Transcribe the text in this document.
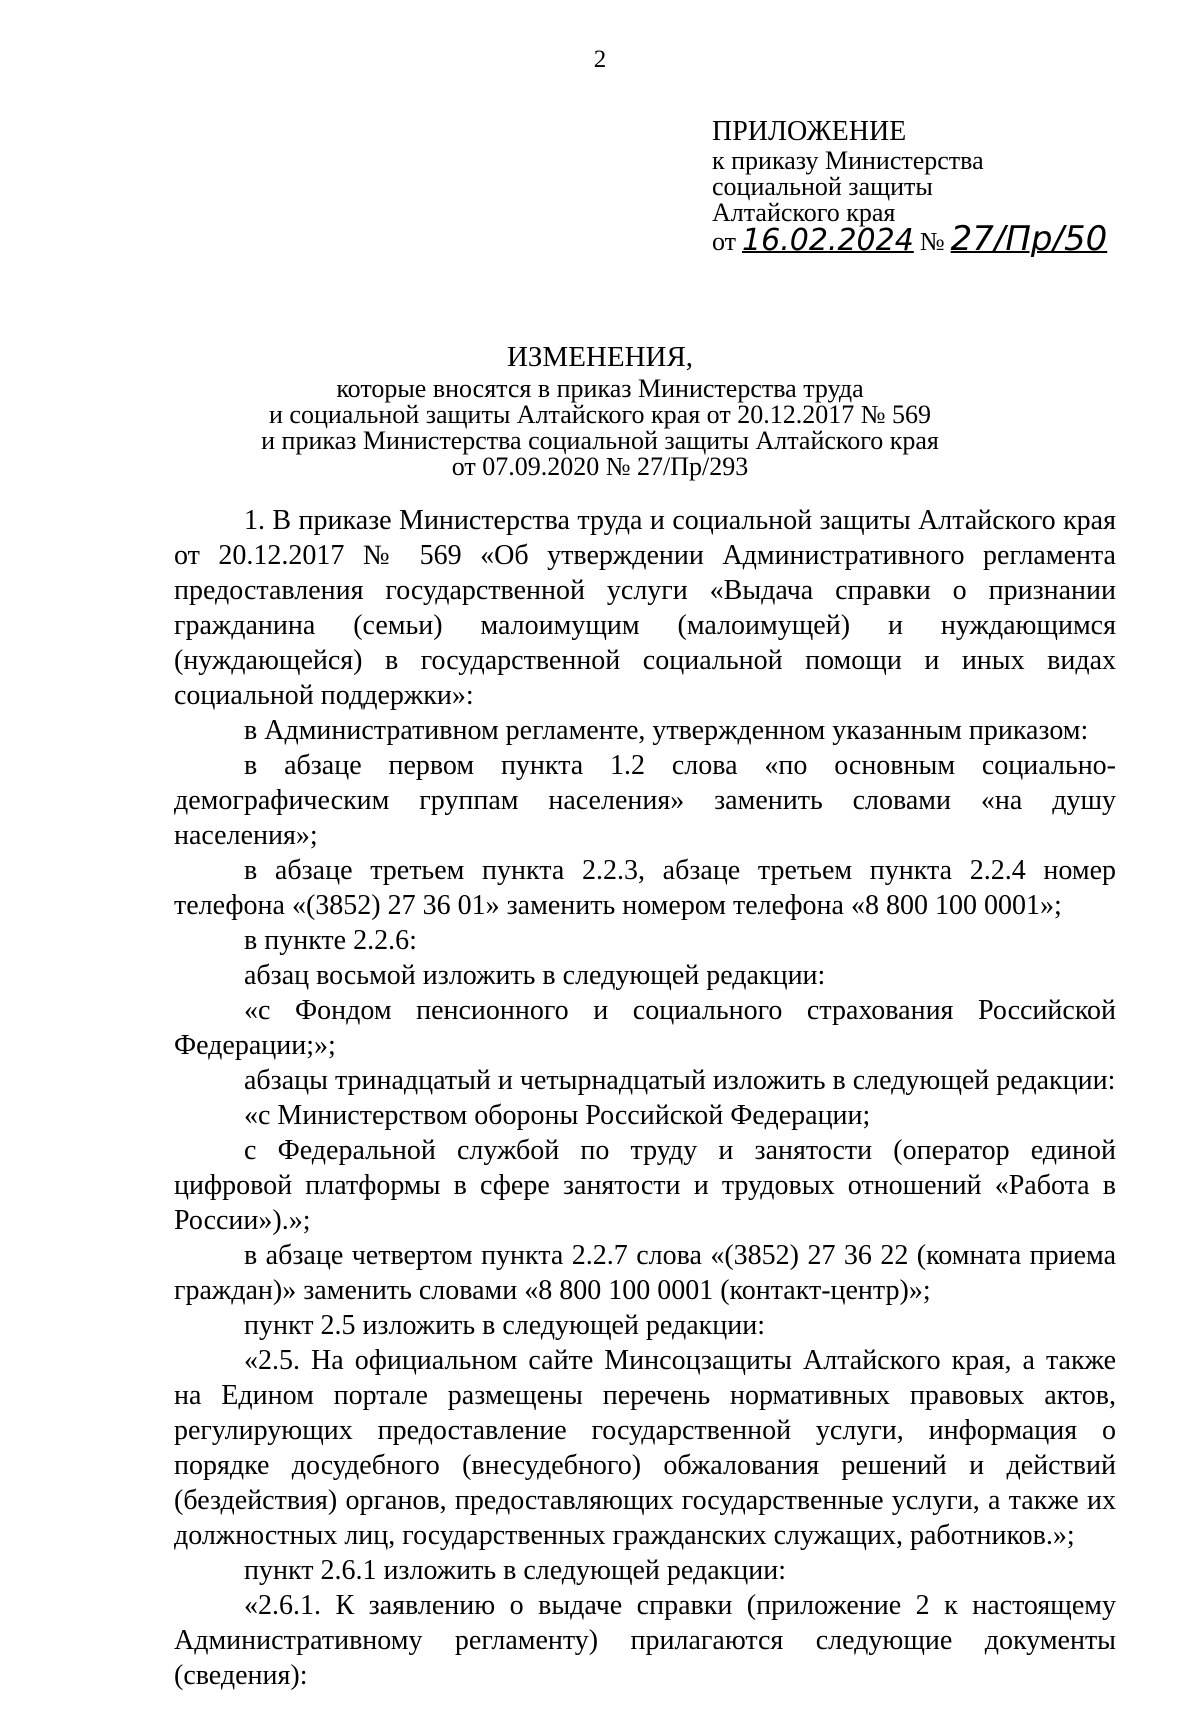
2
ПРИЛОЖЕНИЕ
к приказу Министерства
социальной защиты
Алтайского края
от 16.02.2024 № 27/Пр/50
ИЗМЕНЕНИЯ,
которые вносятся в приказ Министерства труда
и социальной защиты Алтайского края от 20.12.2017 № 569
и приказ Министерства социальной защиты Алтайского края
от 07.09.2020 № 27/Пр/293

1. В приказе Министерства труда и социальной защиты Алтайского края от 20.12.2017 № 569 «Об утверждении Административного регламента предоставления государственной услуги «Выдача справки о признании гражданина (семьи) малоимущим (малоимущей) и нуждающимся (нуждающейся) в государственной социальной помощи и иных видах социальной поддержки»:

в Административном регламенте, утвержденном указанным приказом:

в абзаце первом пункта 1.2 слова «по основным социально-демографическим группам населения» заменить словами «на душу населения»;

в абзаце третьем пункта 2.2.3, абзаце третьем пункта 2.2.4 номер телефона «(3852) 27 36 01» заменить номером телефона «8 800 100 0001»;

в пункте 2.2.6:

абзац восьмой изложить в следующей редакции:

«с Фондом пенсионного и социального страхования Российской Федерации;»;

абзацы тринадцатый и четырнадцатый изложить в следующей редакции:

«с Министерством обороны Российской Федерации;

с Федеральной службой по труду и занятости (оператор единой цифровой платформы в сфере занятости и трудовых отношений «Работа в России»).»;

в абзаце четвертом пункта 2.2.7 слова «(3852) 27 36 22 (комната приема граждан)» заменить словами «8 800 100 0001 (контакт-центр)»;

пункт 2.5 изложить в следующей редакции:

«2.5. На официальном сайте Минсоцзащиты Алтайского края, а также на Едином портале размещены перечень нормативных правовых актов, регулирующих предоставление государственной услуги, информация о порядке досудебного (внесудебного) обжалования решений и действий (бездействия) органов, предоставляющих государственные услуги, а также их должностных лиц, государственных гражданских служащих, работников.»;

пункт 2.6.1 изложить в следующей редакции:

«2.6.1. К заявлению о выдаче справки (приложение 2 к настоящему Административному регламенту) прилагаются следующие документы (сведения):
